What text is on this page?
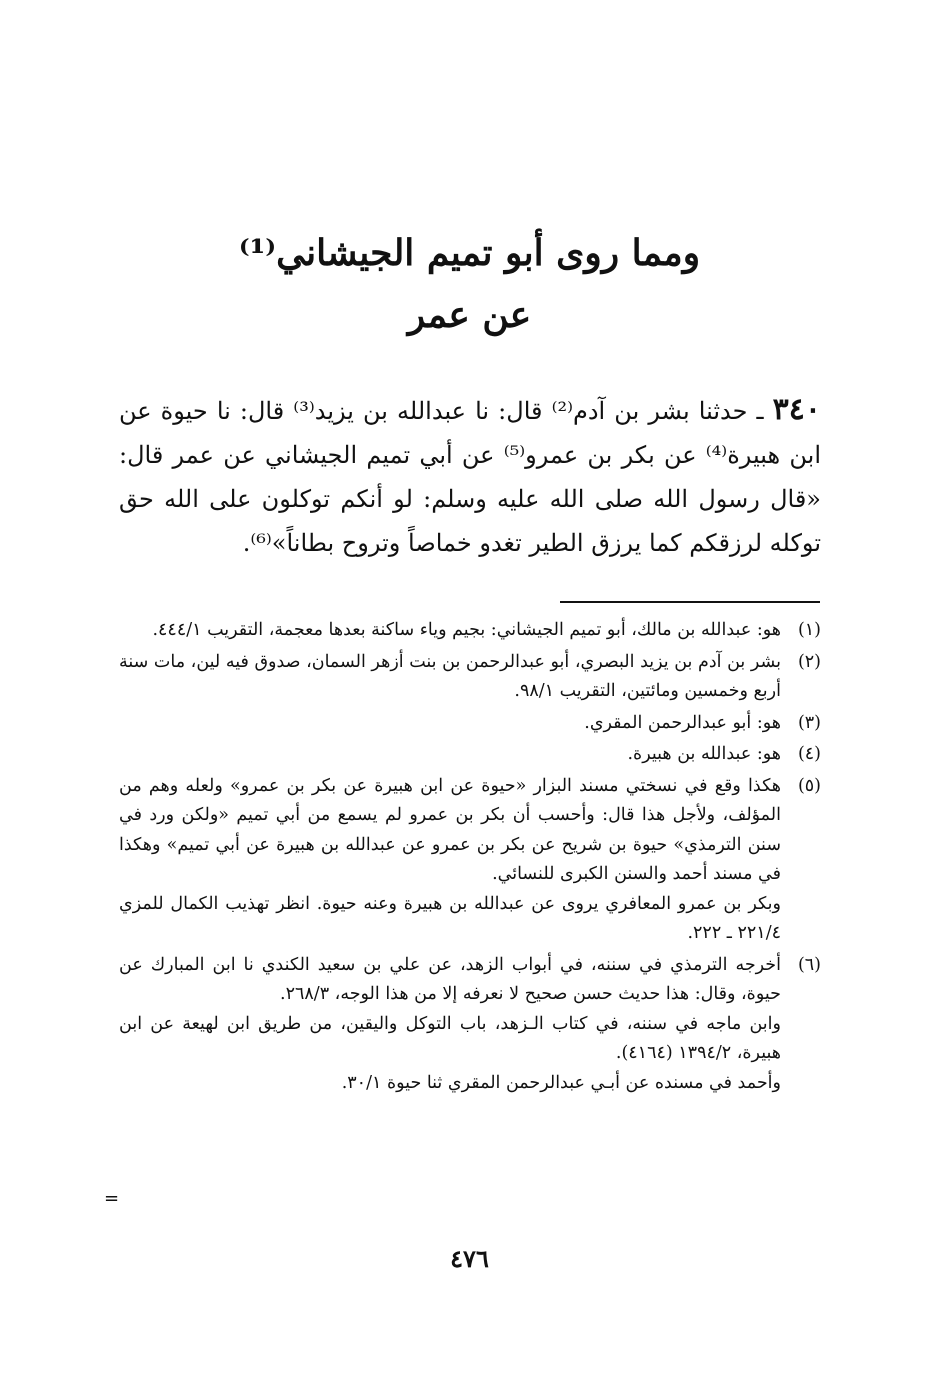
ومما روى أبو تميم الجيشاني⁽¹⁾
عن عمر
٣٤٠ ـ حدثنا بشر بن آدم⁽²⁾ قال: نا عبدالله بن يزيد⁽³⁾ قال: نا حيوة عن ابن هبيرة⁽⁴⁾ عن بكر بن عمرو⁽⁵⁾ عن أبي تميم الجيشاني عن عمر قال: «قال رسول الله صلى الله عليه وسلم: لو أنكم توكلون على الله حق توكله لرزقكم كما يرزق الطير تغدو خماصاً وتروح بطاناً»⁽⁶⁾.
(١)
هو: عبدالله بن مالك، أبو تميم الجيشاني: بجيم وياء ساكنة بعدها معجمة، التقريب ٤٤٤/١.
(٢)
بشر بن آدم بن يزيد البصري، أبو عبدالرحمن بن بنت أزهر السمان، صدوق فيه لين، مات سنة أربع وخمسين ومائتين، التقريب ٩٨/١.
(٣)
هو: أبو عبدالرحمن المقري.
(٤)
هو: عبدالله بن هبيرة.
(٥)
هكذا وقع في نسختي مسند البزار «حيوة عن ابن هبيرة عن بكر بن عمرو» ولعله وهم من المؤلف، ولأجل هذا قال: وأحسب أن بكر بن عمرو لم يسمع من أبي تميم «ولكن ورد في سنن الترمذي» حيوة بن شريح عن بكر بن عمرو عن عبدالله بن هبيرة عن أبي تميم» وهكذا في مسند أحمد والسنن الكبرى للنسائي.
وبكر بن عمرو المعافري يروى عن عبدالله بن هبيرة وعنه حيوة. انظر تهذيب الكمال للمزي ٢٢١/٤ ـ ٢٢٢.
(٦)
أخرجه الترمذي في سننه، في أبواب الزهد، عن علي بن سعيد الكندي نا ابن المبارك عن حيوة، وقال: هذا حديث حسن صحيح لا نعرفه إلا من هذا الوجه، ٢٦٨/٣.
وابن ماجه في سننه، في كتاب الـزهد، باب التوكل واليقين، من طريق ابن لهيعة عن ابن هبيرة، ١٣٩٤/٢ (٤١٦٤).
وأحمد في مسنده عن أبـي عبدالرحمن المقري ثنا حيوة ٣٠/١.
=
٤٧٦
